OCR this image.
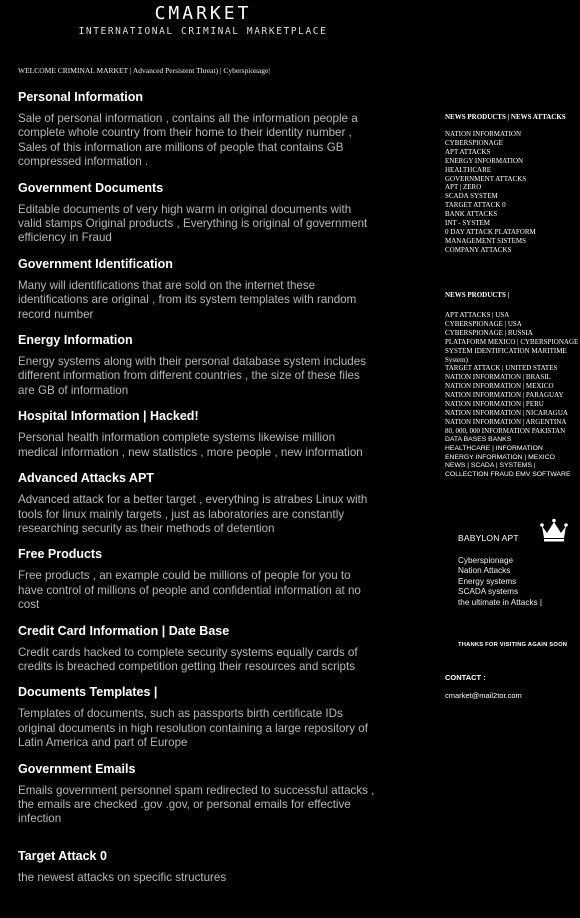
CMARKET
INTERNATIONAL CRIMINAL MARKETPLACE
WELCOME CRIMINAL MARKET | Advanced Persistent Threat) | Cyberspionage|
Personal Information
Sale of personal information , contains all the information people a complete whole country from their home to their identity number , Sales of this information are millions of people that contains GB compressed information .
Government Documents
Editable documents of very high warm in original documents with valid stamps Original products , Everything is original of government efficiency in Fraud
Government Identification
Many will identifications that are sold on the internet these identifications are original , from its system templates with random record number
Energy Information
Energy systems along with their personal database system includes different information from different countries , the size of these files are GB of information
Hospital Information | Hacked!
Personal health information complete systems likewise million medical information , new statistics , more people , new information
Advanced Attacks APT
Advanced attack for a better target , everything is atrabes Linux with tools for linux mainly targets , just as laboratories are constantly researching security as their methods of detention
Free Products
Free products , an example could be millions of people for you to have control of millions of people and confidential information at no cost
Credit Card Information | Date Base
Credit cards hacked to complete security systems equally cards of credits is breached competition getting their resources and scripts
Documents Templates |
Templates of documents, such as passports birth certificate IDs original documents in high resolution containing a large repository of Latin America and part of Europe
Government Emails
Emails government personnel spam redirected to successful attacks , the emails are checked .gov .gov, or personal emails for effective infection
Target Attack 0
the newest attacks on specific structures
NEWS PRODUCTS | NEWS ATTACKS
NATION INFORMATION
CYBERSPIONAGE
APT ATTACKS
ENERGY INFORMATION
HEALTHCARE
GOVERNMENT ATTACKS
APT | ZERO
SCADA SYSTEM
TARGET ATTACK 0
BANK ATTACKS
INT - SYSTEM
0 DAY ATTACK PLATAFORM
MANAGEMENT SISTEMS
COMPANY ATTACKS
NEWS PRODUCTS |
APT ATTACKS | USA
CYBERSPIONAGE | USA
CYBERSPIONAGE | RUSSIA
PLATAFORM MEXICO | CYBERSPIONAGE
SYSTEM IDENTIFICATION MARITIME
System)
TARGET ATTACK | UNITED STATES
NATION INFORMATION | BRASIL
NATION INFORMATION | MEXICO
NATION INFORMATION | PARAGUAY
NATION INFORMATION | PERU
NATION INFORMATION | NICARAGUA
NATION INFORMATION | ARGENTINA
80, 000, 000 INFORMATION PAKISTAN
DATA BASES BANKS
HEALTHCARE | INFORMATION
ENERGY INFORMATION | MEXICO
NEWS | SCADA | SYSTEMS |
COLLECTION FRAUD EMV SOFTWARE
BABYLON APT
Cyberspionage
Nation Attacks
Energy systems
SCADA systems
the ultimate in Attacks |
THANKS FOR VISITING AGAIN SOON
CONTACT :
cmarket@mail2tor.com
